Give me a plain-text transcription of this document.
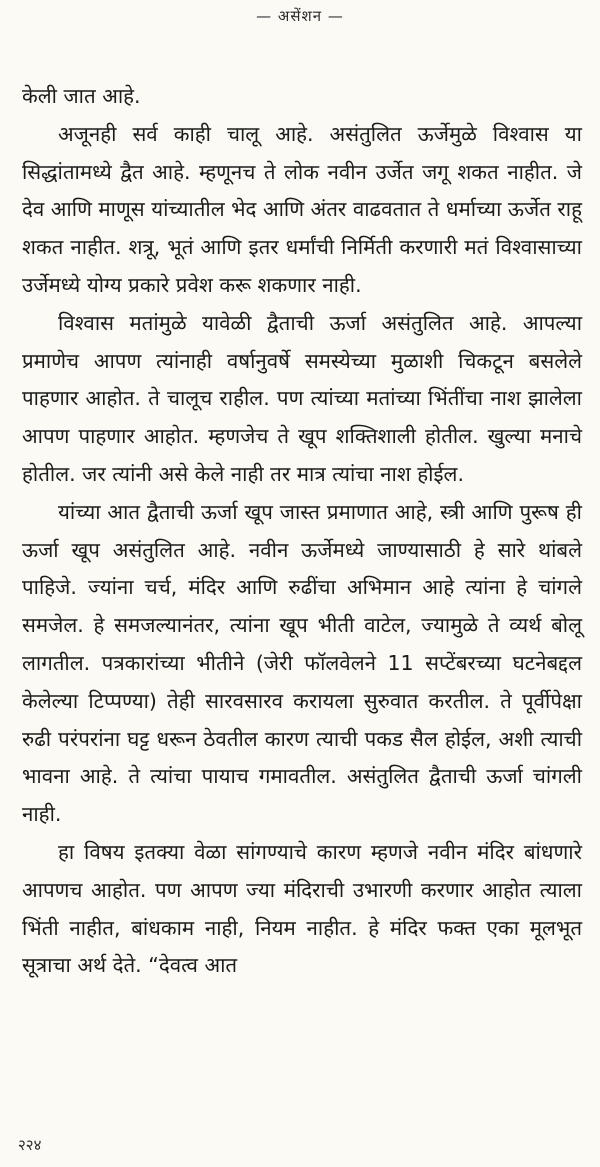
— असेंशन —

केली जात आहे.

अजूनही सर्व काही चालू आहे. असंतुलित ऊर्जेमुळे विश्वास या सिद्धांतामध्ये द्वैत आहे. म्हणूनच ते लोक नवीन उर्जेत जगू शकत नाहीत. जे देव आणि माणूस यांच्यातील भेद आणि अंतर वाढवतात ते धर्माच्या ऊर्जेत राहू शकत नाहीत. शत्रू, भूतं आणि इतर धर्मांची निर्मिती करणारी मतं विश्वासाच्या उर्जेमध्ये योग्य प्रकारे प्रवेश करू शकणार नाही.

विश्वास मतांमुळे यावेळी द्वैताची ऊर्जा असंतुलित आहे. आपल्या प्रमाणेच आपण त्यांनाही वर्षानुवर्षे समस्येच्या मुळाशी चिकटून बसलेले पाहणार आहोत. ते चालूच राहील. पण त्यांच्या मतांच्या भिंतींचा नाश झालेला आपण पाहणार आहोत. म्हणजेच ते खूप शक्तिशाली होतील. खुल्या मनाचे होतील. जर त्यांनी असे केले नाही तर मात्र त्यांचा नाश होईल.

यांच्या आत द्वैताची ऊर्जा खूप जास्त प्रमाणात आहे, स्त्री आणि पुरूष ही ऊर्जा खूप असंतुलित आहे. नवीन ऊर्जेमध्ये जाण्यासाठी हे सारे थांबले पाहिजे. ज्यांना चर्च, मंदिर आणि रुढींचा अभिमान आहे त्यांना हे चांगले समजेल. हे समजल्यानंतर, त्यांना खूप भीती वाटेल, ज्यामुळे ते व्यर्थ बोलू लागतील. पत्रकारांच्या भीतीने (जेरी फॉलवेलने 11 सप्टेंबरच्या घटनेबद्दल केलेल्या टिप्पण्या) तेही सारवसारव करायला सुरुवात करतील. ते पूर्वीपेक्षा रुढी परंपरांना घट्ट धरून ठेवतील कारण त्याची पकड सैल होईल, अशी त्याची भावना आहे. ते त्यांचा पायाच गमावतील. असंतुलित द्वैताची ऊर्जा चांगली नाही.

हा विषय इतक्या वेळा सांगण्याचे कारण म्हणजे नवीन मंदिर बांधणारे आपणच आहोत. पण आपण ज्या मंदिराची उभारणी करणार आहोत त्याला भिंती नाहीत, बांधकाम नाही, नियम नाहीत. हे मंदिर फक्त एका मूलभूत सूत्राचा अर्थ देते. “देवत्व आत

२२४
